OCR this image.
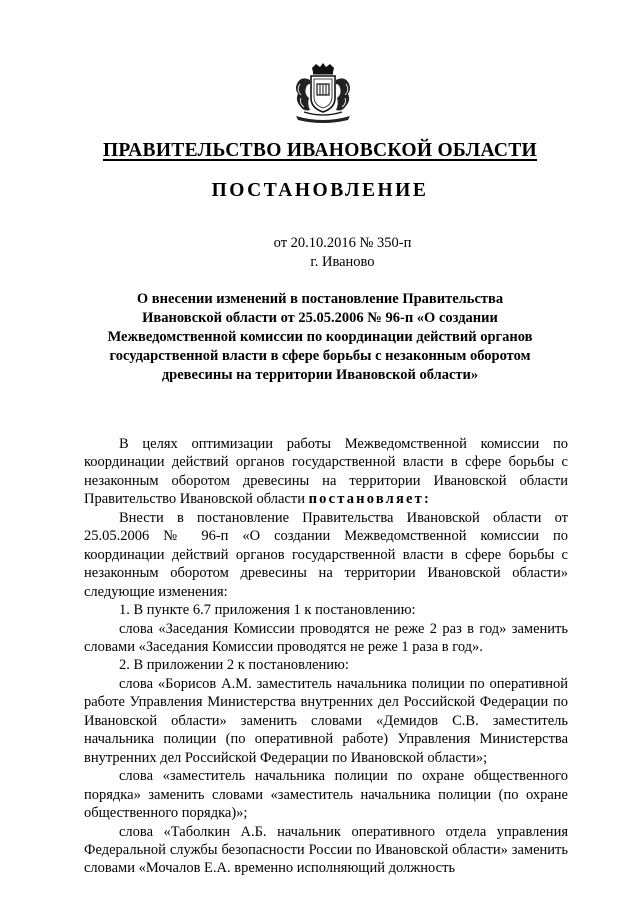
ПРАВИТЕЛЬСТВО ИВАНОВСКОЙ ОБЛАСТИ
ПОСТАНОВЛЕНИЕ
от 20.10.2016 № 350-п
г. Иваново
О внесении изменений в постановление Правительства
Ивановской области от 25.05.2006 № 96-п «О создании
Межведомственной комиссии по координации действий органов
государственной власти в сфере борьбы с незаконным оборотом
древесины на территории Ивановской области»

В целях оптимизации работы Межведомственной комиссии по координации действий органов государственной власти в сфере борьбы с незаконным оборотом древесины на территории Ивановской области Правительство Ивановской области постановляет:

Внести в постановление Правительства Ивановской области от 25.05.2006 № 96-п «О создании Межведомственной комиссии по координации действий органов государственной власти в сфере борьбы с незаконным оборотом древесины на территории Ивановской области» следующие изменения:

1. В пункте 6.7 приложения 1 к постановлению:

слова «Заседания Комиссии проводятся не реже 2 раз в год» заменить словами «Заседания Комиссии проводятся не реже 1 раза в год».

2. В приложении 2 к постановлению:

слова «Борисов А.М. заместитель начальника полиции по оперативной работе Управления Министерства внутренних дел Российской Федерации по Ивановской области» заменить словами «Демидов С.В. заместитель начальника полиции (по оперативной работе) Управления Министерства внутренних дел Российской Федерации по Ивановской области»;

слова «заместитель начальника полиции по охране общественного порядка» заменить словами «заместитель начальника полиции (по охране общественного порядка)»;

слова «Таболкин А.Б. начальник оперативного отдела управления Федеральной службы безопасности России по Ивановской области» заменить словами «Мочалов Е.А. временно исполняющий должность
